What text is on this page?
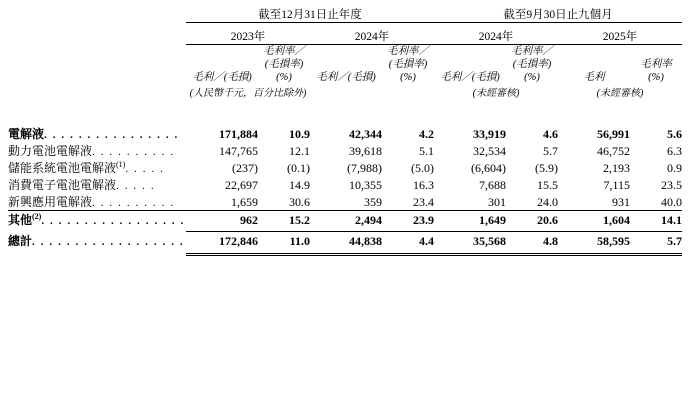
	截至12月31日止年度				截至9月30日止九個月			

	2023年		2024年		2024年		2025年	
	毛利／(毛損)	
毛利率／
(毛損率)
(%)	毛利／(毛損)	
毛利率／
(毛損率)
(%)	毛利／(毛損)	
毛利率／
(毛損率)
(%)	毛利	
毛利率
(%)

	(人民幣千元，百分比除外)				(未經審核)		(未經審核)	

電解液. . . . . . . . . . . . . . . .	171,884	10.9	42,344	4.2	33,919	4.6	56,991	5.6
動力電池電解液. . . . . . . . . .	147,765	12.1	39,618	5.1	32,534	5.7	46,752	6.3
儲能系統電池電解液$^{(1)}$. . . . .	(237)	(0.1)	(7,988)	(5.0)	(6,604)	(5.9)	2,193	0.9
消費電子電池電解液. . . . .	22,697	14.9	10,355	16.3	7,688	15.5	7,115	23.5
新興應用電解液. . . . . . . . . .	1,659	30.6	359	23.4	301	24.0	931	40.0
其他$^{(2)}$. . . . . . . . . . . . . . . . .	962	15.2	2,494	23.9	1,649	20.6	1,604	14.1

總計. . . . . . . . . . . . . . . . . .	172,846	11.0	44,838	4.4	35,568	4.8	58,595	5.7
